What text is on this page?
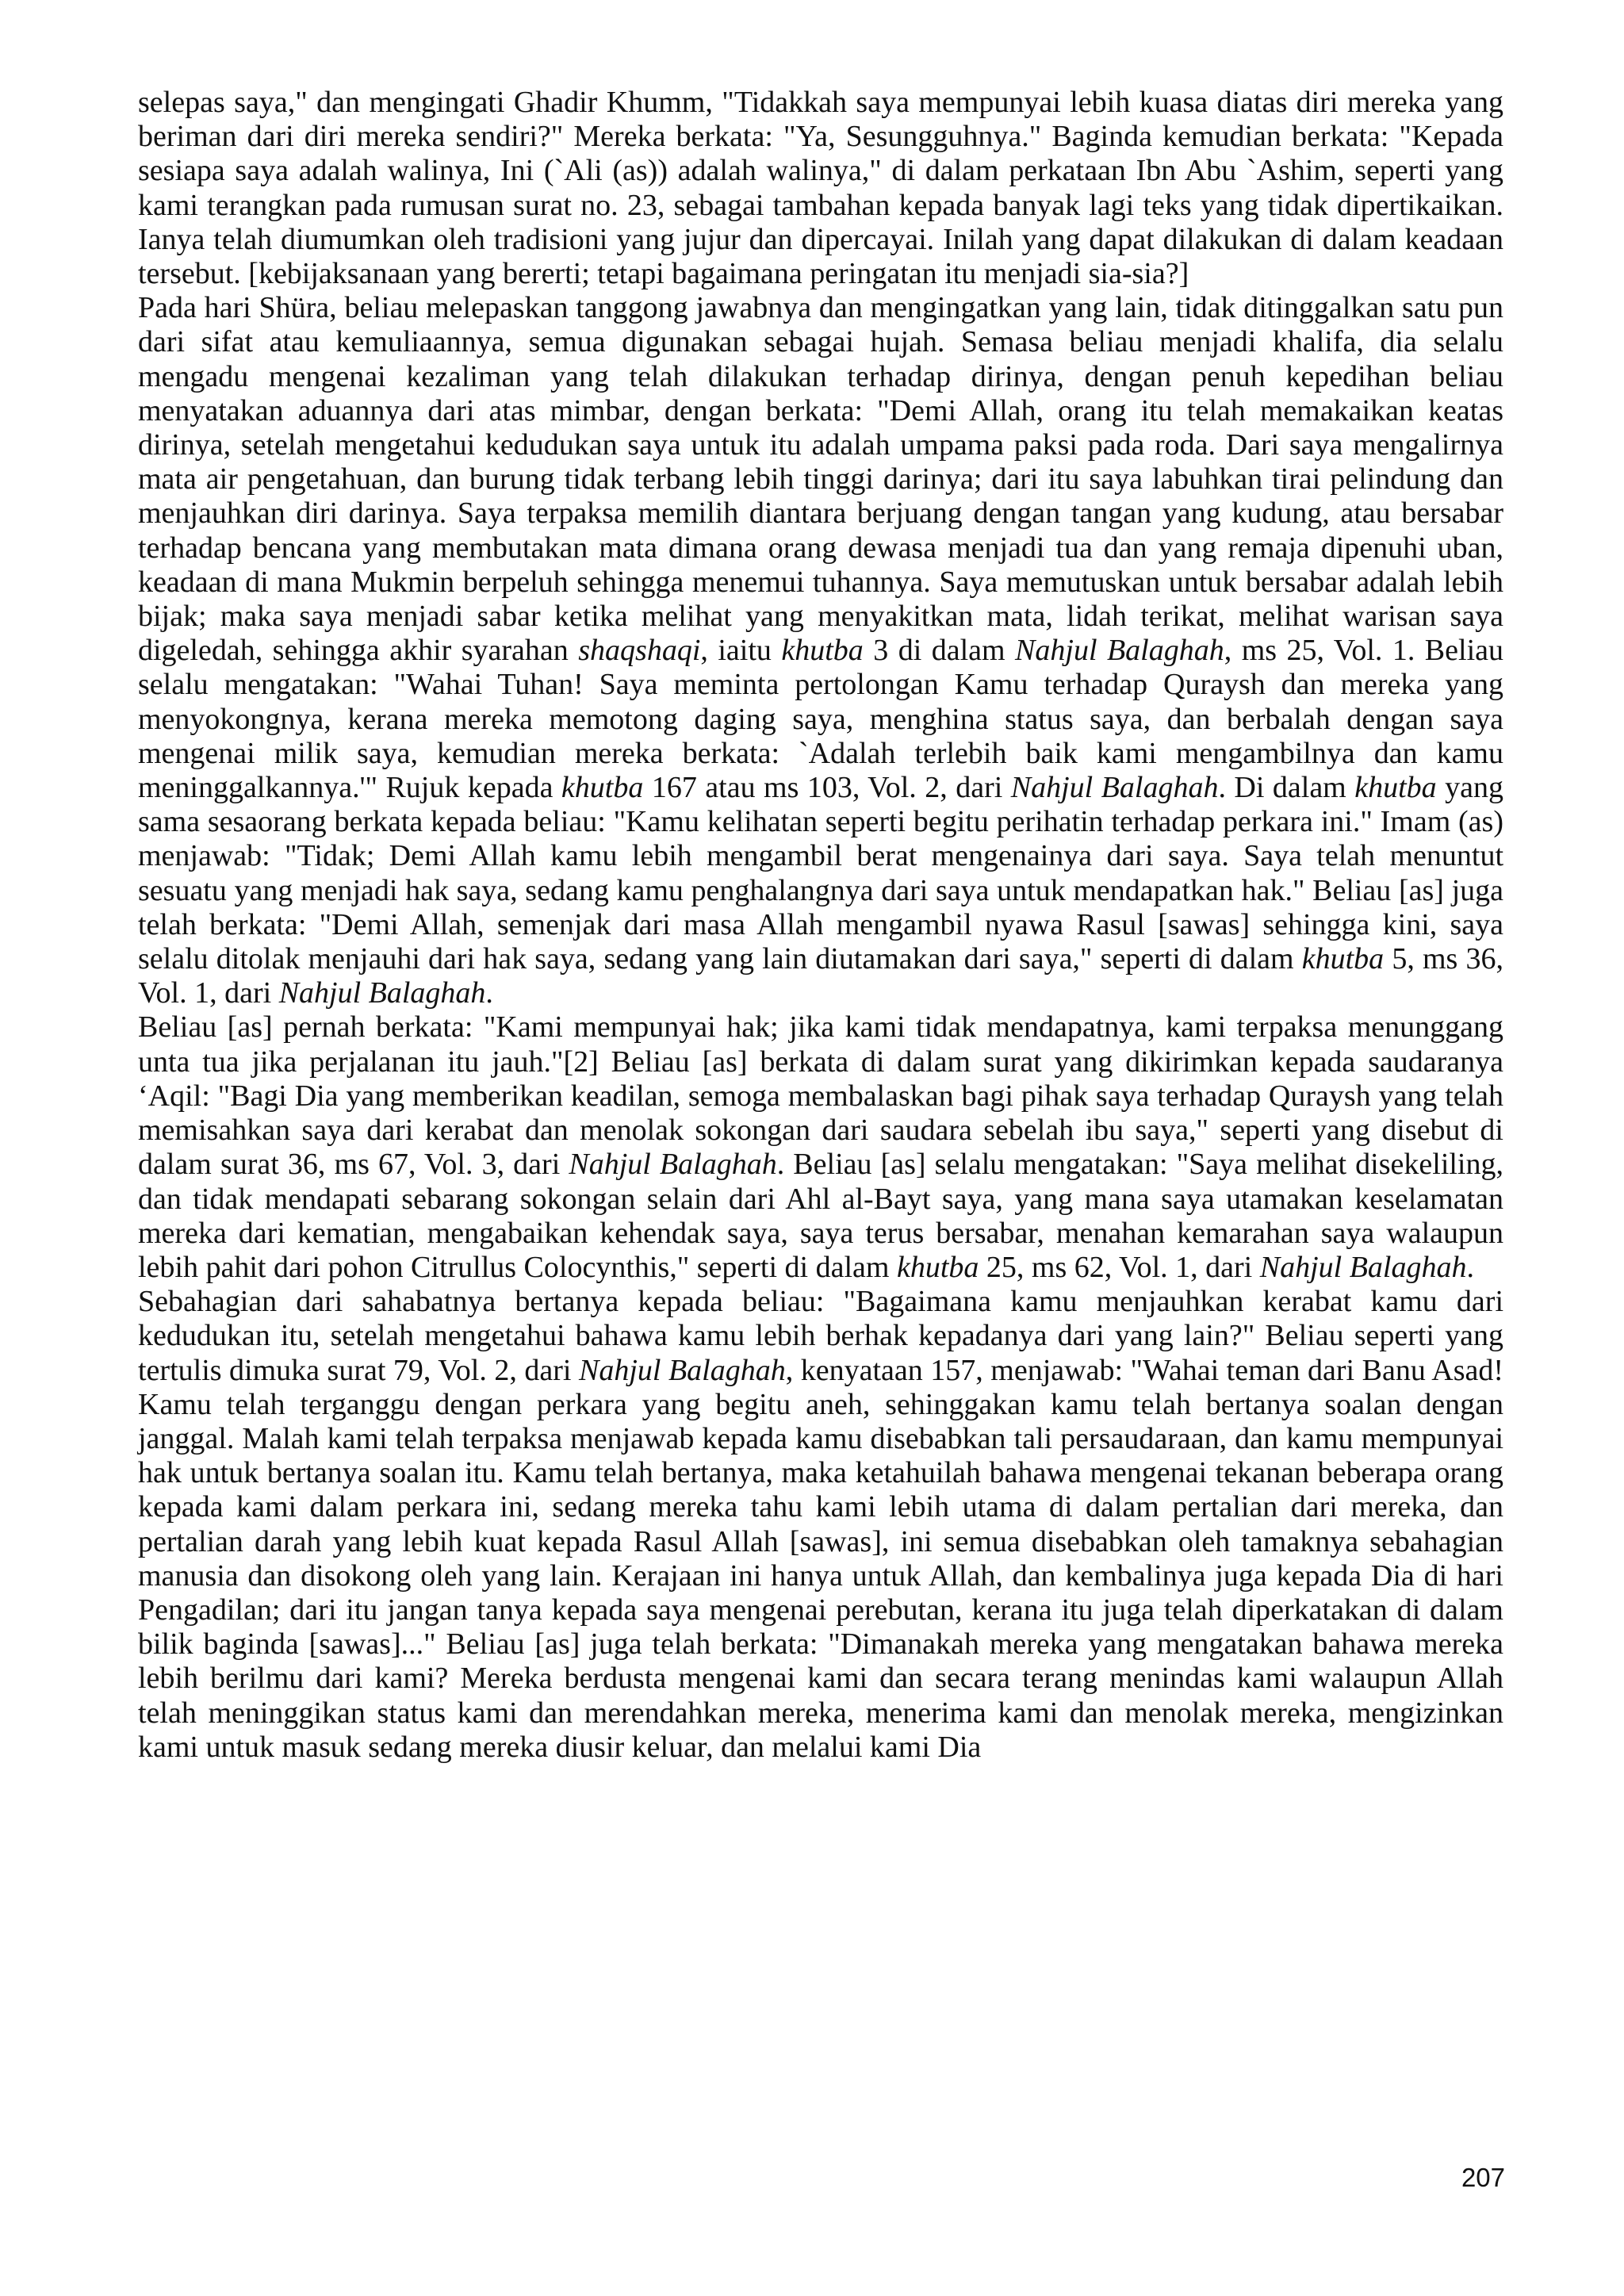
selepas saya," dan mengingati Ghadir Khumm, "Tidakkah saya mempunyai lebih kuasa diatas diri mereka yang beriman dari diri mereka sendiri?" Mereka berkata: "Ya, Sesungguhnya." Baginda kemudian berkata: "Kepada sesiapa saya adalah walinya, Ini (`Ali (as)) adalah walinya," di dalam perkataan Ibn Abu `Ashim, seperti yang kami terangkan pada rumusan surat no. 23, sebagai tambahan kepada banyak lagi teks yang tidak dipertikaikan. Ianya telah diumumkan oleh tradisioni yang jujur dan dipercayai. Inilah yang dapat dilakukan di dalam keadaan tersebut. [kebijaksanaan yang bererti; tetapi bagaimana peringatan itu menjadi sia-sia?]

Pada hari Shüra, beliau melepaskan tanggong jawabnya dan mengingatkan yang lain, tidak ditinggalkan satu pun dari sifat atau kemuliaannya, semua digunakan sebagai hujah. Semasa beliau menjadi khalifa, dia selalu mengadu mengenai kezaliman yang telah dilakukan terhadap dirinya, dengan penuh kepedihan beliau menyatakan aduannya dari atas mimbar, dengan berkata: "Demi Allah, orang itu telah memakaikan keatas dirinya, setelah mengetahui kedudukan saya untuk itu adalah umpama paksi pada roda. Dari saya mengalirnya mata air pengetahuan, dan burung tidak terbang lebih tinggi darinya; dari itu saya labuhkan tirai pelindung dan menjauhkan diri darinya. Saya terpaksa memilih diantara berjuang dengan tangan yang kudung, atau bersabar terhadap bencana yang membutakan mata dimana orang dewasa menjadi tua dan yang remaja dipenuhi uban, keadaan di mana Mukmin berpeluh sehingga menemui tuhannya. Saya memutuskan untuk bersabar adalah lebih bijak; maka saya menjadi sabar ketika melihat yang menyakitkan mata, lidah terikat, melihat warisan saya digeledah, sehingga akhir syarahan shaqshaqi, iaitu khutba 3 di dalam Nahjul Balaghah, ms 25, Vol. 1. Beliau selalu mengatakan: "Wahai Tuhan! Saya meminta pertolongan Kamu terhadap Quraysh dan mereka yang menyokongnya, kerana mereka memotong daging saya, menghina status saya, dan berbalah dengan saya mengenai milik saya, kemudian mereka berkata: `Adalah terlebih baik kami mengambilnya dan kamu meninggalkannya.'" Rujuk kepada khutba 167 atau ms 103, Vol. 2, dari Nahjul Balaghah. Di dalam khutba yang sama sesaorang berkata kepada beliau: "Kamu kelihatan seperti begitu perihatin terhadap perkara ini." Imam (as) menjawab: "Tidak; Demi Allah kamu lebih mengambil berat mengenainya dari saya. Saya telah menuntut sesuatu yang menjadi hak saya, sedang kamu penghalangnya dari saya untuk mendapatkan hak." Beliau [as] juga telah berkata: "Demi Allah, semenjak dari masa Allah mengambil nyawa Rasul [sawas] sehingga kini, saya selalu ditolak menjauhi dari hak saya, sedang yang lain diutamakan dari saya," seperti di dalam khutba 5, ms 36, Vol. 1, dari Nahjul Balaghah.

Beliau [as] pernah berkata: "Kami mempunyai hak; jika kami tidak mendapatnya, kami terpaksa menunggang unta tua jika perjalanan itu jauh."[2] Beliau [as] berkata di dalam surat yang dikirimkan kepada saudaranya ‘Aqil: "Bagi Dia yang memberikan keadilan, semoga membalaskan bagi pihak saya terhadap Quraysh yang telah memisahkan saya dari kerabat dan menolak sokongan dari saudara sebelah ibu saya," seperti yang disebut di dalam surat 36, ms 67, Vol. 3, dari Nahjul Balaghah. Beliau [as] selalu mengatakan: "Saya melihat disekeliling, dan tidak mendapati sebarang sokongan selain dari Ahl al-Bayt saya, yang mana saya utamakan keselamatan mereka dari kematian, mengabaikan kehendak saya, saya terus bersabar, menahan kemarahan saya walaupun lebih pahit dari pohon Citrullus Colocynthis," seperti di dalam khutba 25, ms 62, Vol. 1, dari Nahjul Balaghah.

Sebahagian dari sahabatnya bertanya kepada beliau: "Bagaimana kamu menjauhkan kerabat kamu dari kedudukan itu, setelah mengetahui bahawa kamu lebih berhak kepadanya dari yang lain?" Beliau seperti yang tertulis dimuka surat 79, Vol. 2, dari Nahjul Balaghah, kenyataan 157, menjawab: "Wahai teman dari Banu Asad! Kamu telah terganggu dengan perkara yang begitu aneh, sehinggakan kamu telah bertanya soalan dengan janggal. Malah kami telah terpaksa menjawab kepada kamu disebabkan tali persaudaraan, dan kamu mempunyai hak untuk bertanya soalan itu. Kamu telah bertanya, maka ketahuilah bahawa mengenai tekanan beberapa orang kepada kami dalam perkara ini, sedang mereka tahu kami lebih utama di dalam pertalian dari mereka, dan pertalian darah yang lebih kuat kepada Rasul Allah [sawas], ini semua disebabkan oleh tamaknya sebahagian manusia dan disokong oleh yang lain. Kerajaan ini hanya untuk Allah, dan kembalinya juga kepada Dia di hari Pengadilan; dari itu jangan tanya kepada saya mengenai perebutan, kerana itu juga telah diperkatakan di dalam bilik baginda [sawas]..." Beliau [as] juga telah berkata: "Dimanakah mereka yang mengatakan bahawa mereka lebih berilmu dari kami? Mereka berdusta mengenai kami dan secara terang menindas kami walaupun Allah telah meninggikan status kami dan merendahkan mereka, menerima kami dan menolak mereka, mengizinkan kami untuk masuk sedang mereka diusir keluar, dan melalui kami Dia

207
